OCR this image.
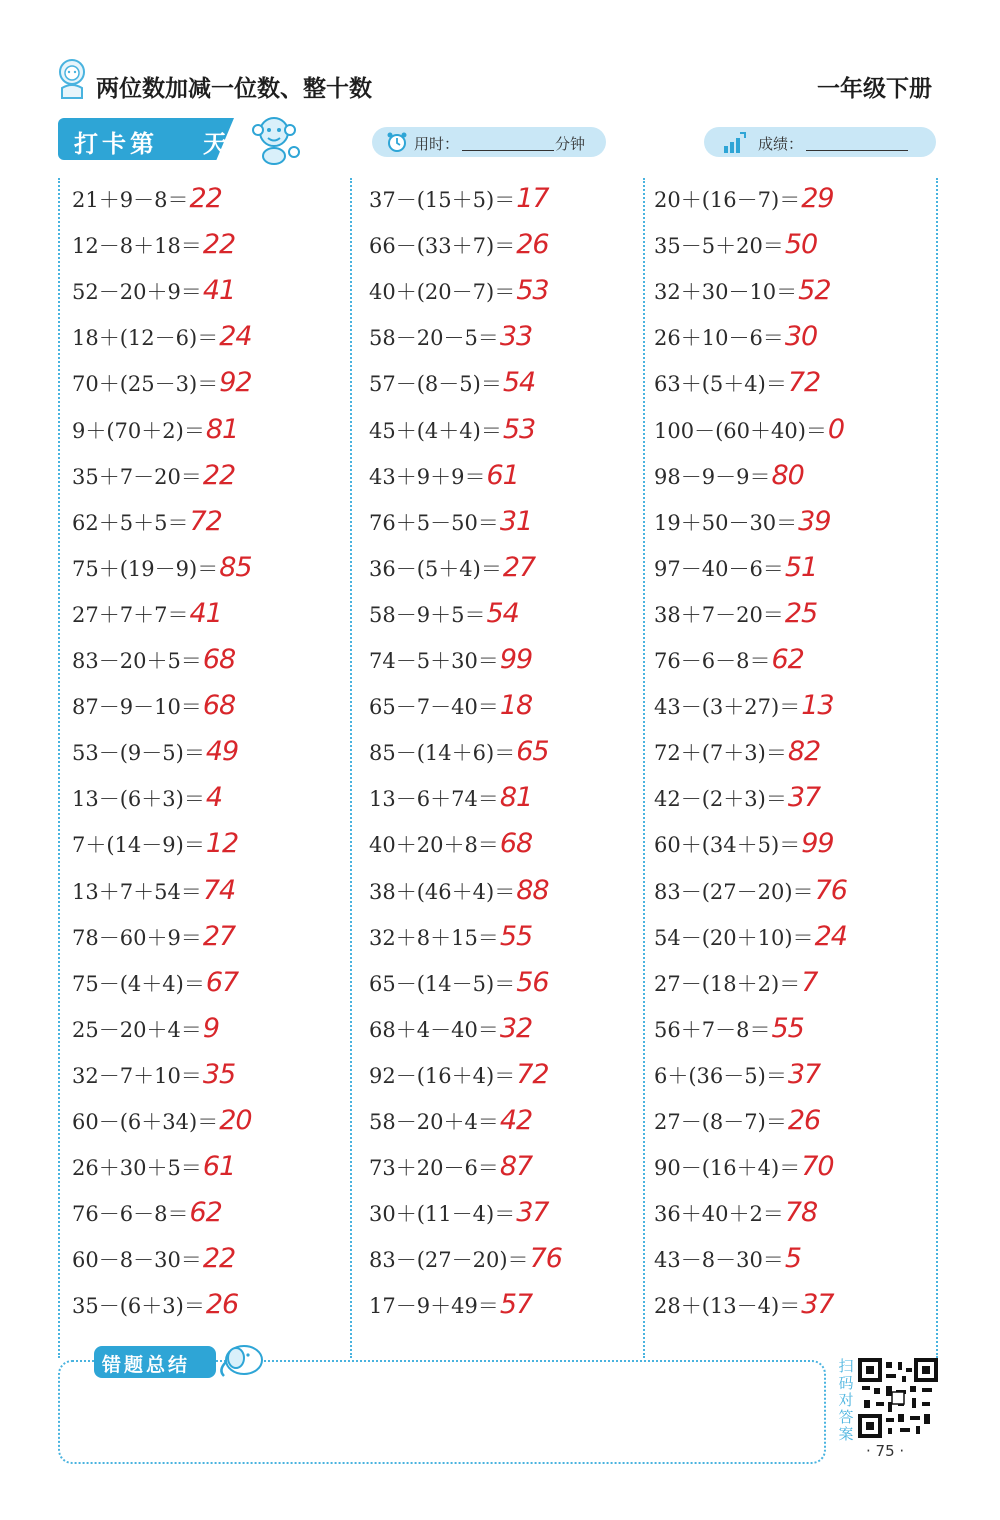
两位数加减一位数、整十数	一年级下册
打卡第 天	用时：	分钟	成绩：
21＋9－8＝22
12－8＋18＝22
52－20＋9＝41
18＋(12－6)＝24
70＋(25－3)＝92
9＋(70＋2)＝81
35＋7－20＝22
62＋5＋5＝72
75＋(19－9)＝85
27＋7＋7＝41
83－20＋5＝68
87－9－10＝68
53－(9－5)＝49
13－(6＋3)＝4
7＋(14－9)＝12
13＋7＋54＝74
78－60＋9＝27
75－(4＋4)＝67
25－20＋4＝9
32－7＋10＝35
60－(6＋34)＝20
26＋30＋5＝61
76－6－8＝62
60－8－30＝22
35－(6＋3)＝26
37－(15＋5)＝17
66－(33＋7)＝26
40＋(20－7)＝53
58－20－5＝33
57－(8－5)＝54
45＋(4＋4)＝53
43＋9＋9＝61
76＋5－50＝31
36－(5＋4)＝27
58－9＋5＝54
74－5＋30＝99
65－7－40＝18
85－(14＋6)＝65
13－6＋74＝81
40＋20＋8＝68
38＋(46＋4)＝88
32＋8＋15＝55
65－(14－5)＝56
68＋4－40＝32
92－(16＋4)＝72
58－20＋4＝42
73＋20－6＝87
30＋(11－4)＝37
83－(27－20)＝76
17－9＋49＝57
20＋(16－7)＝29
35－5＋20＝50
32＋30－10＝52
26＋10－6＝30
63＋(5＋4)＝72
100－(60＋40)＝0
98－9－9＝80
19＋50－30＝39
97－40－6＝51
38＋7－20＝25
76－6－8＝62
43－(3＋27)＝13
72＋(7＋3)＝82
42－(2＋3)＝37
60＋(34＋5)＝99
83－(27－20)＝76
54－(20＋10)＝24
27－(18＋2)＝7
56＋7－8＝55
6＋(36－5)＝37
27－(8－7)＝26
90－(16＋4)＝70
36＋40＋2＝78
43－8－30＝5
28＋(13－4)＝37
错题总结	扫码对答案
· 75 ·
